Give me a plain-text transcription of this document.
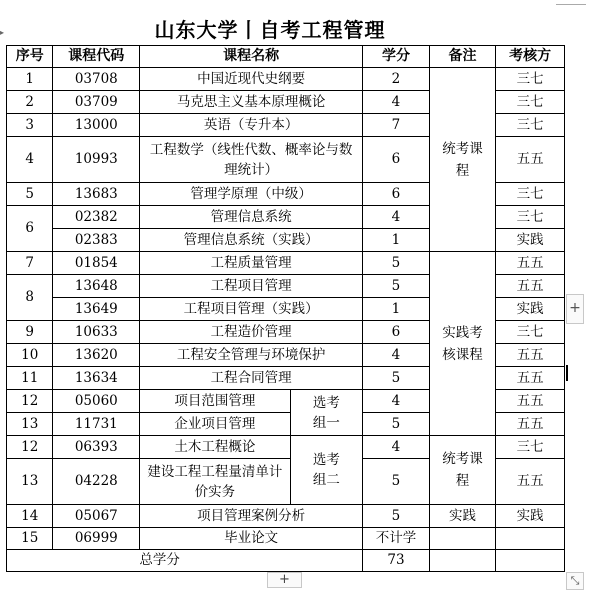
▸	山东大学丨自考工程管理
序号	课程代码	课程名称		学分	备注	考核方
1	03708	中国近现代史纲要		2	统考课程	三七
2	03709	马克思主义基本原理概论		4		三七
3	13000	英语（专升本）		7		三七
4	10993	工程数学（线性代数、概率论与数理统计）		6		五五
5	13683	管理学原理（中级）		6		三七
6	02382	管理信息系统		4		三七
	02383	管理信息系统（实践）		1		实践
7	01854	工程质量管理		5	实践考核课程	五五
8	13648	工程项目管理		5		五五
	13649	工程项目管理（实践）		1		实践
9	10633	工程造价管理		6		三七
10	13620	工程安全管理与环境保护		4		五五
11	13634	工程合同管理		5		五五
12	05060	项目范围管理	选考组一	4		五五
13	11731	企业项目管理		5		五五
12	06393	土木工程概论	选考组二	4	统考课程	三七
13	04228	建设工程工程量清单计价实务		5		五五
14	05067	项目管理案例分析		5	实践	实践
15	06999	毕业论文		不计学		
总学分				73		
+
+	⤡
